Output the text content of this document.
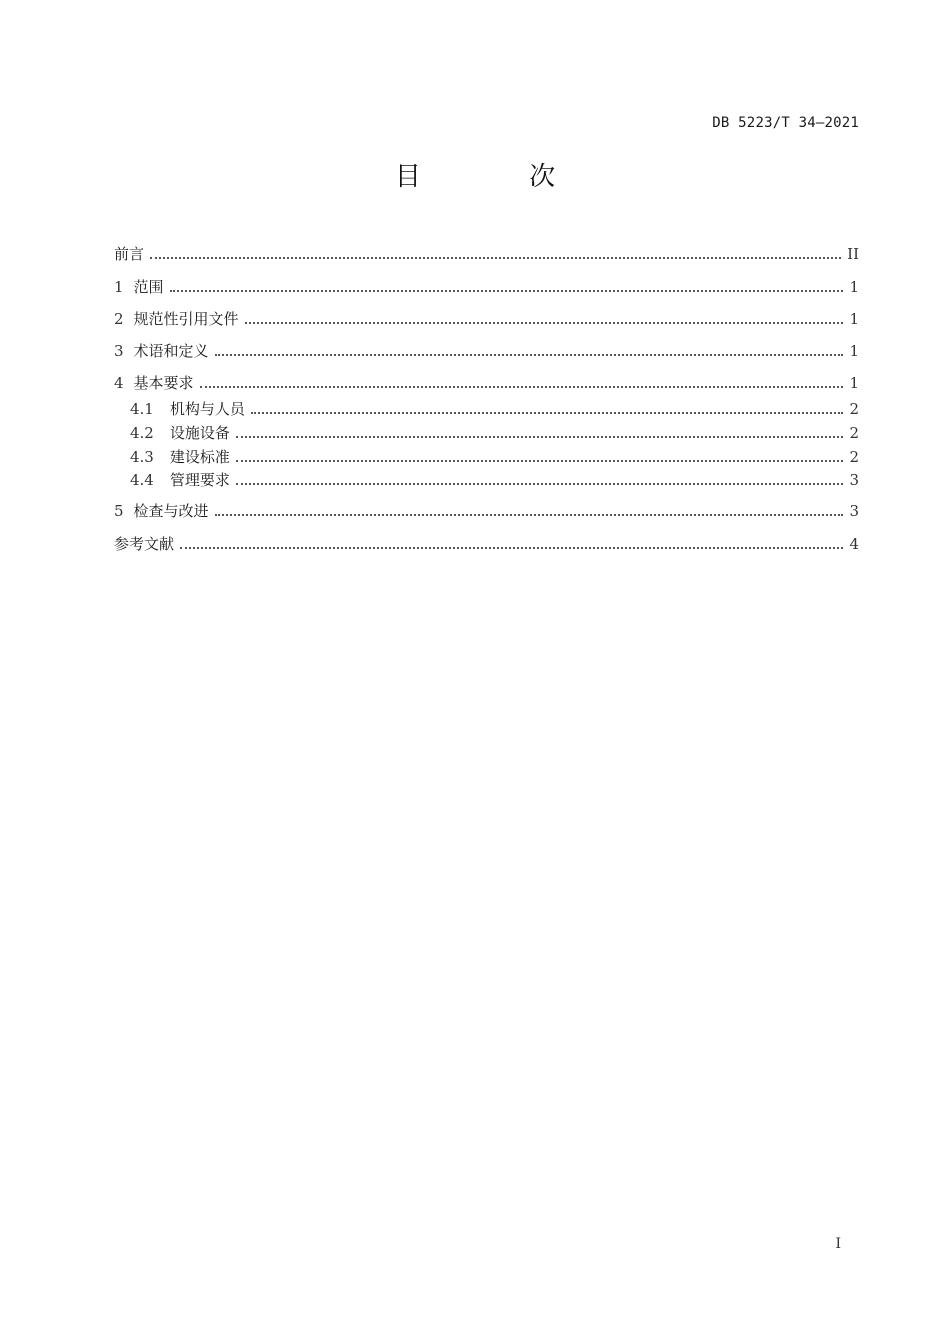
DB 5223/T 34—2021
目 次
前言	II
1 范围	1
2 规范性引用文件	1
3 术语和定义	1
4 基本要求	1
4.1 机构与人员	2
4.2 设施设备	2
4.3 建设标准	2
4.4 管理要求	3
5 检查与改进	3
参考文献	4
I
